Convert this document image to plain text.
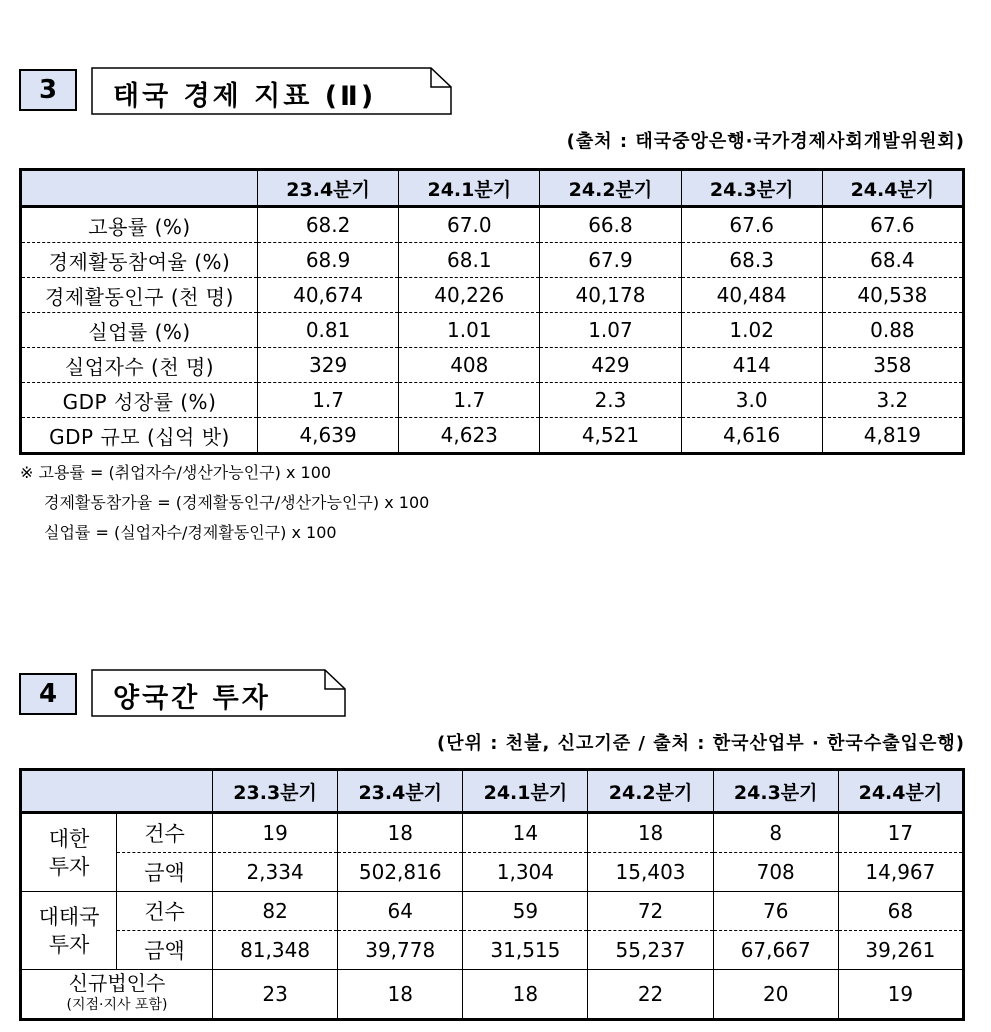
3 태국 경제 지표 (Ⅱ)
(출처 : 태국중앙은행·국가경제사회개발위원회)
	23.4분기	24.1분기	24.2분기	24.3분기	24.4분기
고용률 (%)	68.2	67.0	66.8	67.6	67.6
경제활동참여율 (%)	68.9	68.1	67.9	68.3	68.4
경제활동인구 (천 명)	40,674	40,226	40,178	40,484	40,538
실업률 (%)	0.81	1.01	1.07	1.02	0.88
실업자수 (천 명)	329	408	429	414	358
GDP 성장률 (%)	1.7	1.7	2.3	3.0	3.2
GDP 규모 (십억 밧)	4,639	4,623	4,521	4,616	4,819
※ 고용률 = (취업자수/생산가능인구) x 100
경제활동참가율 = (경제활동인구/생산가능인구) x 100
실업률 = (실업자수/경제활동인구) x 100
4 양국간 투자
(단위 : 천불, 신고기준 / 출처 : 한국산업부 · 한국수출입은행)
		23.3분기	23.4분기	24.1분기	24.2분기	24.3분기	24.4분기

대한
투자	건수	19	18	14	18	8	17
	금액	2,334	502,816	1,304	15,403	708	14,967

대태국
투자	건수	82	64	59	72	76	68
	금액	81,348	39,778	31,515	55,237	67,667	39,261

신규법인수
(지점·지사 포함)		23	18	18	22	20	19
